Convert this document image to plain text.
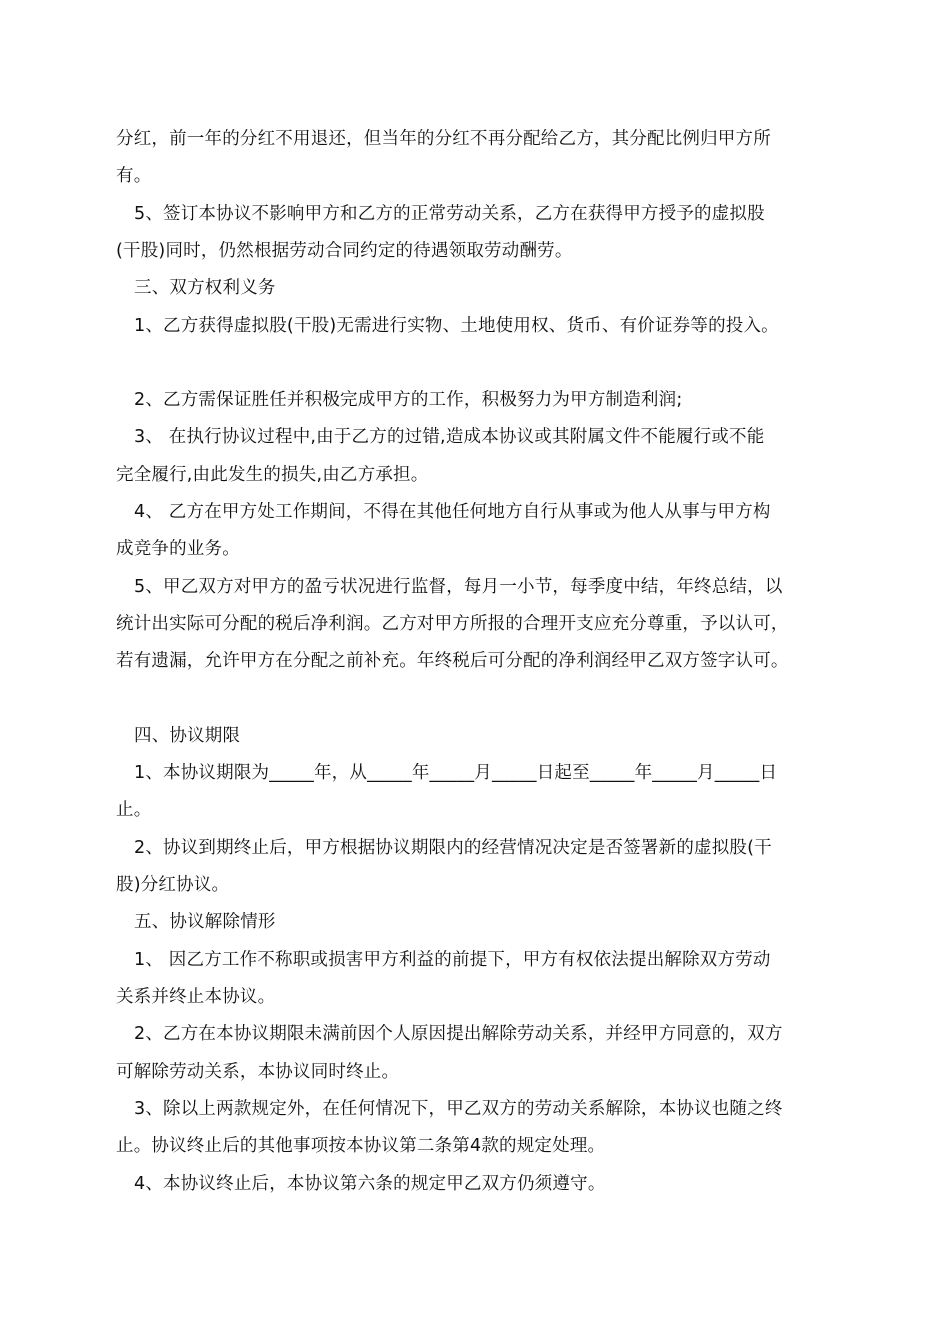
分红，前一年的分红不用退还，但当年的分红不再分配给乙方，其分配比例归甲方所
有。
5、签订本协议不影响甲方和乙方的正常劳动关系，乙方在获得甲方授予的虚拟股
(干股)同时，仍然根据劳动合同约定的待遇领取劳动酬劳。
三、双方权利义务
1、乙方获得虚拟股(干股)无需进行实物、土地使用权、货币、有价证券等的投入。
2、乙方需保证胜任并积极完成甲方的工作，积极努力为甲方制造利润;
3、 在执行协议过程中,由于乙方的过错,造成本协议或其附属文件不能履行或不能
完全履行,由此发生的损失,由乙方承担。
4、 乙方在甲方处工作期间，不得在其他任何地方自行从事或为他人从事与甲方构
成竞争的业务。
5、甲乙双方对甲方的盈亏状况进行监督，每月一小节，每季度中结，年终总结，以
统计出实际可分配的税后净利润。乙方对甲方所报的合理开支应充分尊重，予以认可，
若有遗漏，允许甲方在分配之前补充。年终税后可分配的净利润经甲乙双方签字认可。
四、协议期限
1、本协议期限为_____年，从_____年_____月_____日起至_____年_____月_____日
止。
2、协议到期终止后，甲方根据协议期限内的经营情况决定是否签署新的虚拟股(干
股)分红协议。
五、协议解除情形
1、 因乙方工作不称职或损害甲方利益的前提下，甲方有权依法提出解除双方劳动
关系并终止本协议。
2、乙方在本协议期限未满前因个人原因提出解除劳动关系，并经甲方同意的，双方
可解除劳动关系，本协议同时终止。
3、除以上两款规定外，在任何情况下，甲乙双方的劳动关系解除，本协议也随之终
止。协议终止后的其他事项按本协议第二条第4款的规定处理。
4、本协议终止后，本协议第六条的规定甲乙双方仍须遵守。
